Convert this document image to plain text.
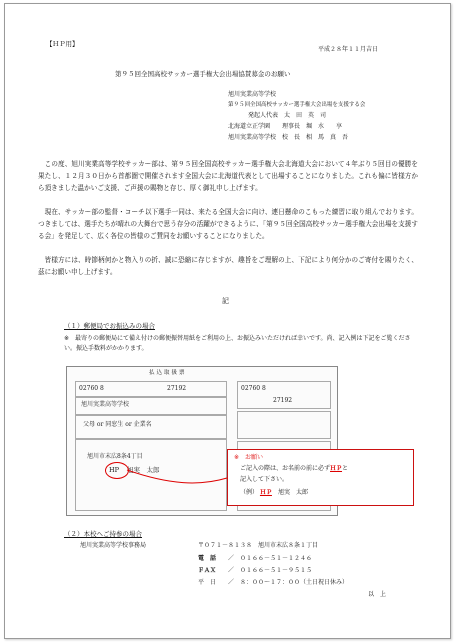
【ＨＰ用】
平成２８年１１月吉日
第９５回全国高校サッカー選手権大会出場協賛募金のお願い
旭川実業高等学校
第９５回全国高校サッカー選手権大会出場を支援する会
発起人代表　太　田　英　司
北海道立正学園　　理事長　堀　水　　享
旭川実業高等学校　校　長　相　馬　真　吾
　この度、旭川実業高等学校サッカー部は、第９５回全国高校サッカー選手権大会北海道大会において４年ぶり５回目の優勝を果たし、１２月３０日から首都圏で開催されます全国大会に北海道代表として出場することになりました。これも偏に皆様方から頂きました温かいご支援、ご声援の賜物と存じ、厚く御礼申し上げます。
　現在、サッカー部の監督・コーチ以下選手一同は、来たる全国大会に向け、連日懸命のこもった練習に取り組んでおります。つきましては、選手たちが晴れの大舞台で思う存分の活躍ができるように、「第９５回全国高校サッカー選手権大会出場を支援する会」を発足して、広く各位の皆様のご賛同をお願いすることになりました。
　皆様方には、時節柄何かと物入りの折、誠に恐縮に存じますが、趣旨をご理解の上、下記により何分かのご寄付を賜りたく、茲にお願い申し上げます。
記
（１）郵便局でお振込みの場合
※　最寄りの郵便局にて備え付けの郵便振替用紙をご利用の上、お振込みいただければ幸いです。尚、記入例は下記をご覧ください。振込手数料がかかります。
払込取扱票
02760 8	27192	02760 8
27192
旭川実業高等学校
父母 or 同窓生 or 企業名
旭川市末広8条4丁目
HP 旭実　太郎
※　お願い
ご記入の際は、お名前の前に必ずＨＰと
記入して下さい。
（例） ＨＰ　 旭実　太郎
（２）本校へご持参の場合
旭川実業高等学校事務局	〒０７１－８１３８　旭川市末広８条１丁目
電　話 ／　０１６６－５１－１２４６
ＦＡＸ ／　０１６６－５１－９５１５
平　日 ／　８：００～１７：００（土日祝日休み）
以　上
